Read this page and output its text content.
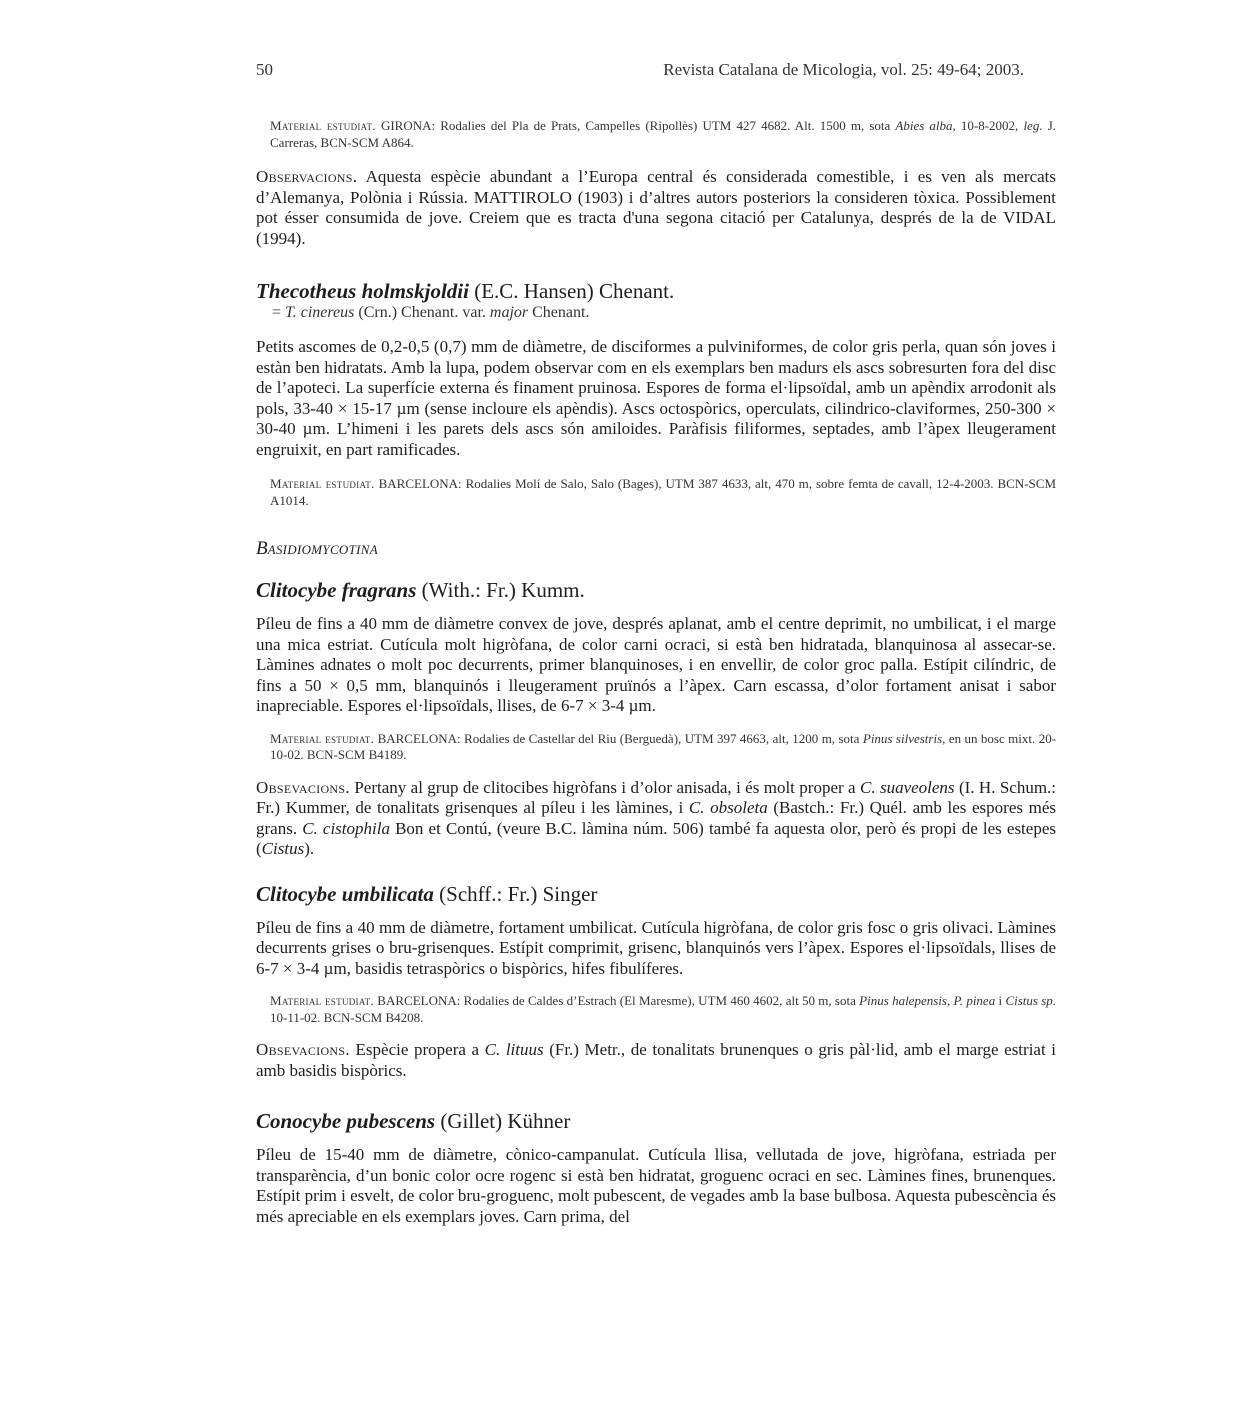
50	Revista Catalana de Micologia, vol. 25: 49-64; 2003.

Material estudiat. GIRONA: Rodalies del Pla de Prats, Campelles (Ripollès) UTM 427 4682. Alt. 1500 m, sota Abies alba, 10-8-2002, leg. J. Carreras, BCN-SCM A864.

Observacions. Aquesta espècie abundant a l’Europa central és considerada comestible, i es ven als mercats d’Alemanya, Polònia i Rússia. MATTIROLO (1903) i d’altres autors posteriors la consideren tòxica. Possiblement pot ésser consumida de jove. Creiem que es tracta d'una segona citació per Catalunya, després de la de VIDAL (1994).

Thecotheus holmskjoldii (E.C. Hansen) Chenant.

= T. cinereus (Crn.) Chenant. var. major Chenant.

Petits ascomes de 0,2-0,5 (0,7) mm de diàmetre, de disciformes a pulviniformes, de color gris perla, quan són joves i estàn ben hidratats. Amb la lupa, podem observar com en els exemplars ben madurs els ascs sobresurten fora del disc de l’apoteci. La superfície externa és finament pruinosa. Espores de forma el·lipsoïdal, amb un apèndix arrodonit als pols, 33-40 × 15-17 µm (sense incloure els apèndis). Ascs octospòrics, operculats, cilindrico-claviformes, 250-300 × 30-40 µm. L’himeni i les parets dels ascs són amiloides. Paràfisis filiformes, septades, amb l’àpex lleugerament engruixit, en part ramificades.

Material estudiat. BARCELONA: Rodalies Molí de Salo, Salo (Bages), UTM 387 4633, alt, 470 m, sobre femta de cavall, 12-4-2003. BCN-SCM A1014.

Basidiomycotina

Clitocybe fragrans (With.: Fr.) Kumm.

Píleu de fins a 40 mm de diàmetre convex de jove, després aplanat, amb el centre deprimit, no umbilicat, i el marge una mica estriat. Cutícula molt higròfana, de color carni ocraci, si està ben hidratada, blanquinosa al assecar-se. Làmines adnates o molt poc decurrents, primer blanquinoses, i en envellir, de color groc palla. Estípit cilíndric, de fins a 50 × 0,5 mm, blanquinós i lleugerament pruïnós a l’àpex. Carn escassa, d’olor fortament anisat i sabor inapreciable. Espores el·lipsoïdals, llises, de 6-7 × 3-4 µm.

Material estudiat. BARCELONA: Rodalies de Castellar del Riu (Berguedà), UTM 397 4663, alt, 1200 m, sota Pinus silvestris, en un bosc mixt. 20-10-02. BCN-SCM B4189.

Obsevacions. Pertany al grup de clitocibes higròfans i d’olor anisada, i és molt proper a C. suaveolens (I. H. Schum.: Fr.) Kummer, de tonalitats grisenques al píleu i les làmines, i C. obsoleta (Bastch.: Fr.) Quél. amb les espores més grans. C. cistophila Bon et Contú, (veure B.C. làmina núm. 506) també fa aquesta olor, però és propi de les estepes (Cistus).

Clitocybe umbilicata (Schff.: Fr.) Singer

Píleu de fins a 40 mm de diàmetre, fortament umbilicat. Cutícula higròfana, de color gris fosc o gris olivaci. Làmines decurrents grises o bru-grisenques. Estípit comprimit, grisenc, blanquinós vers l’àpex. Espores el·lipsoïdals, llises de 6-7 × 3-4 µm, basidis tetraspòrics o bispòrics, hifes fibulíferes.

Material estudiat. BARCELONA: Rodalies de Caldes d’Estrach (El Maresme), UTM 460 4602, alt 50 m, sota Pinus halepensis, P. pinea i Cistus sp. 10-11-02. BCN-SCM B4208.

Obsevacions. Espècie propera a C. lituus (Fr.) Metr., de tonalitats brunenques o gris pàl·lid, amb el marge estriat i amb basidis bispòrics.

Conocybe pubescens (Gillet) Kühner

Píleu de 15-40 mm de diàmetre, cònico-campanulat. Cutícula llisa, vellutada de jove, higròfana, estriada per transparència, d’un bonic color ocre rogenc si està ben hidratat, groguenc ocraci en sec. Làmines fines, brunenques. Estípit prim i esvelt, de color bru-groguenc, molt pubescent, de vegades amb la base bulbosa. Aquesta pubescència és més apreciable en els exemplars joves. Carn prima, del
